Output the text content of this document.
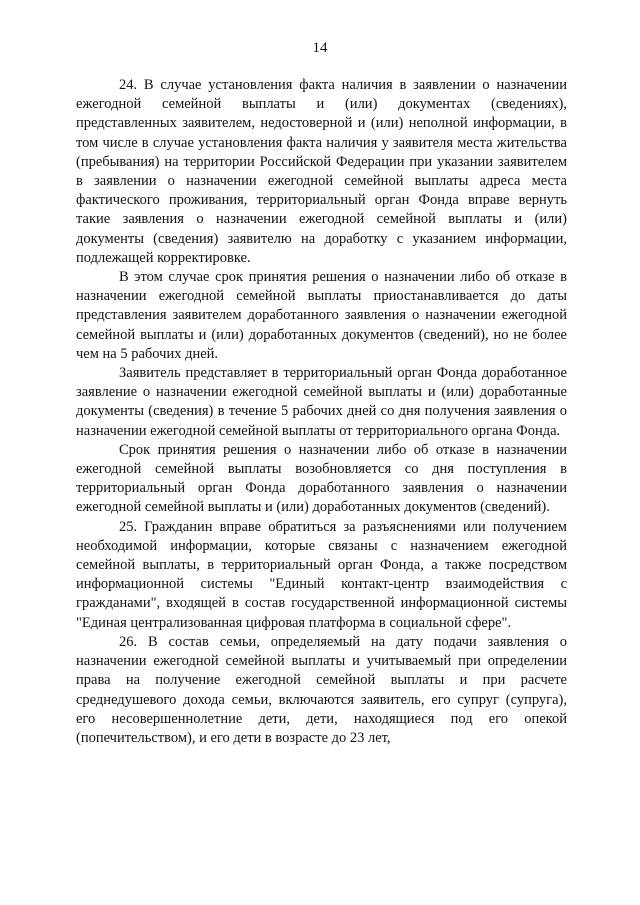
14

24. В случае установления факта наличия в заявлении о назначении ежегодной семейной выплаты и (или) документах (сведениях), представленных заявителем, недостоверной и (или) неполной информации, в том числе в случае установления факта наличия у заявителя места жительства (пребывания) на территории Российской Федерации при указании заявителем в заявлении о назначении ежегодной семейной выплаты адреса места фактического проживания, территориальный орган Фонда вправе вернуть такие заявления о назначении ежегодной семейной выплаты и (или) документы (сведения) заявителю на доработку с указанием информации, подлежащей корректировке.

В этом случае срок принятия решения о назначении либо об отказе в назначении ежегодной семейной выплаты приостанавливается до даты представления заявителем доработанного заявления о назначении ежегодной семейной выплаты и (или) доработанных документов (сведений), но не более чем на 5 рабочих дней.

Заявитель представляет в территориальный орган Фонда доработанное заявление о назначении ежегодной семейной выплаты и (или) доработанные документы (сведения) в течение 5 рабочих дней со дня получения заявления о назначении ежегодной семейной выплаты от территориального органа Фонда.

Срок принятия решения о назначении либо об отказе в назначении ежегодной семейной выплаты возобновляется со дня поступления в территориальный орган Фонда доработанного заявления о назначении ежегодной семейной выплаты и (или) доработанных документов (сведений).

25. Гражданин вправе обратиться за разъяснениями или получением необходимой информации, которые связаны с назначением ежегодной семейной выплаты, в территориальный орган Фонда, а также посредством информационной системы "Единый контакт-центр взаимодействия с гражданами", входящей в состав государственной информационной системы "Единая централизованная цифровая платформа в социальной сфере".

26. В состав семьи, определяемый на дату подачи заявления о назначении ежегодной семейной выплаты и учитываемый при определении права на получение ежегодной семейной выплаты и при расчете среднедушевого дохода семьи, включаются заявитель, его супруг (супруга), его несовершеннолетние дети, дети, находящиеся под его опекой (попечительством), и его дети в возрасте до 23 лет,
